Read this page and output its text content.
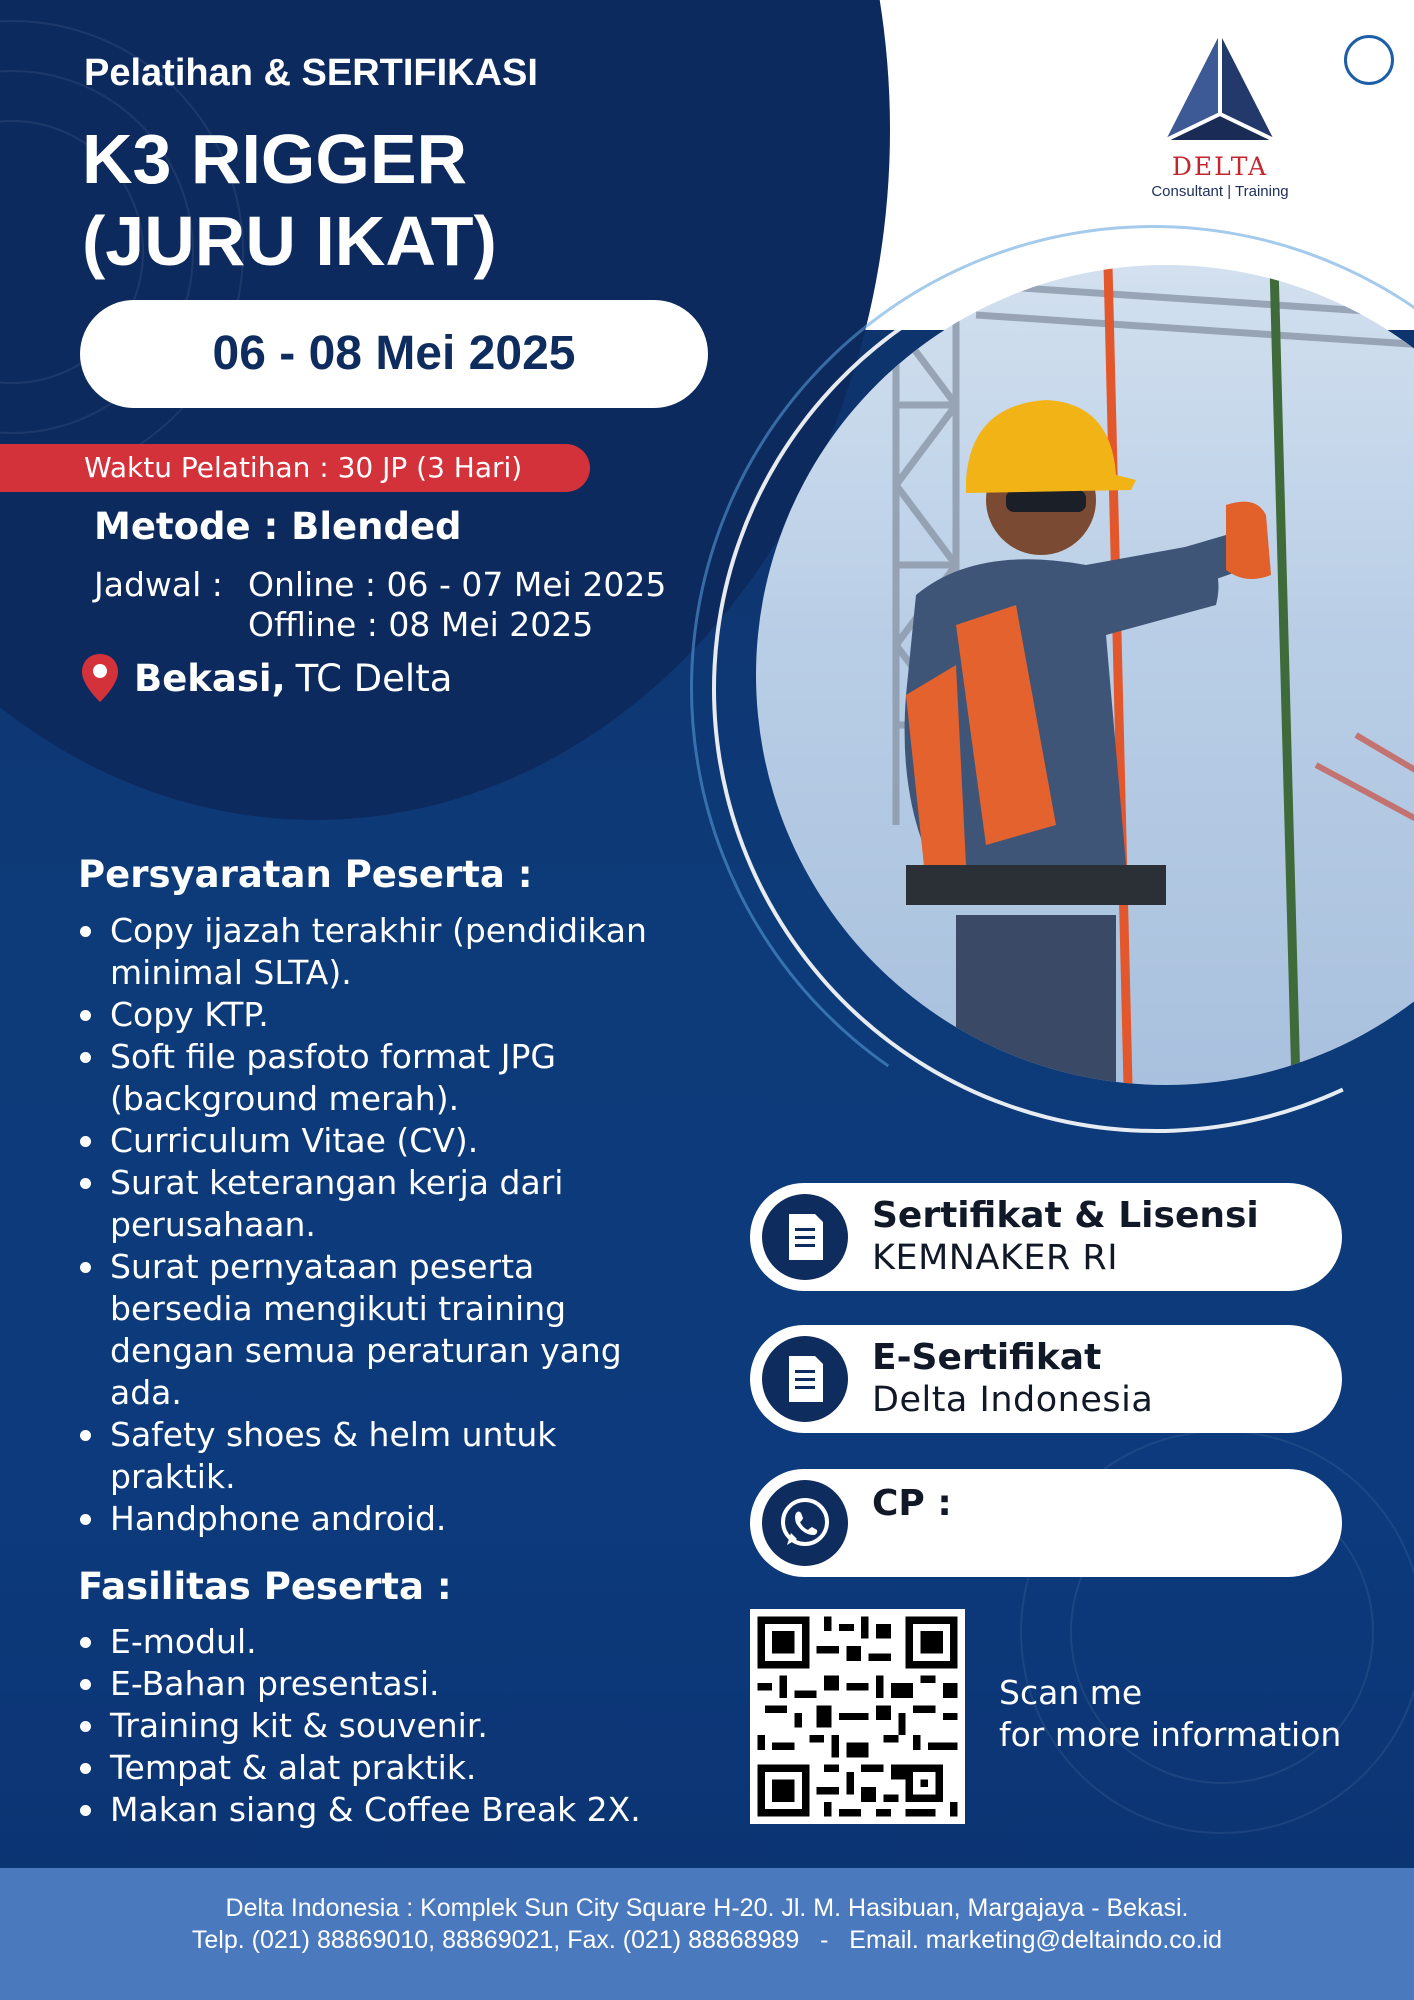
DELTA
Consultant | Training
Pelatihan & SERTIFIKASI
K3 RIGGER
(JURU IKAT)
06 - 08 Mei 2025
Waktu Pelatihan : 30 JP (3 Hari)
Metode : Blended
Jadwal : Online : 06 - 07 Mei 2025
Offline : 08 Mei 2025
Bekasi, TC Delta
Persyaratan Peserta :
Copy ijazah terakhir (pendidikan minimal SLTA).
Copy KTP.
Soft file pasfoto format JPG (background merah).
Curriculum Vitae (CV).
Surat keterangan kerja dari perusahaan.
Surat pernyataan peserta bersedia mengikuti training dengan semua peraturan yang ada.
Safety shoes & helm untuk praktik.
Handphone android.
Fasilitas Peserta :
E-modul.
E-Bahan presentasi.
Training kit & souvenir.
Tempat & alat praktik.
Makan siang & Coffee Break 2X.
Sertifikat & Lisensi
KEMNAKER RI
E-Sertifikat
Delta Indonesia
CP :
Scan me
for more information
Delta Indonesia : Komplek Sun City Square H-20. Jl. M. Hasibuan, Margajaya - Bekasi.
Telp. (021) 88869010, 88869021, Fax. (021) 88868989   -   Email. marketing@deltaindo.co.id
